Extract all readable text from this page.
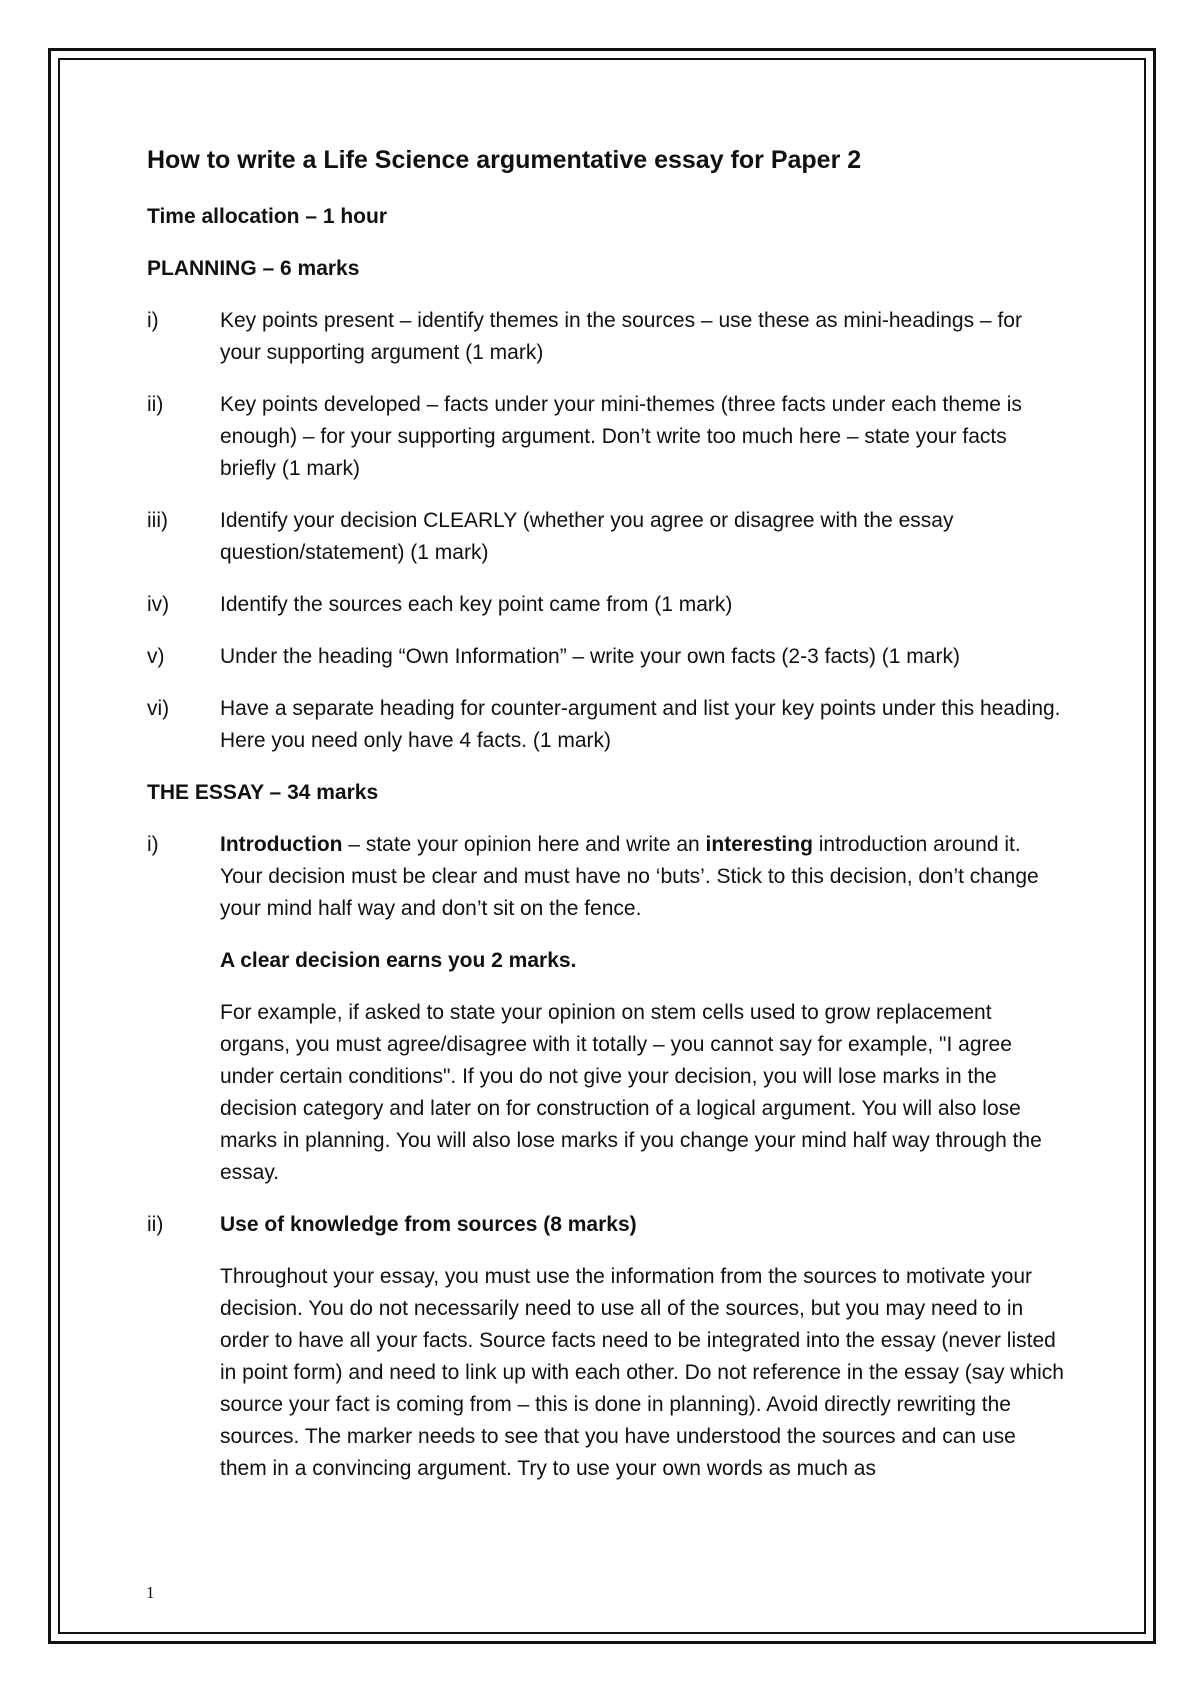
How to write a Life Science argumentative essay for Paper 2
Time allocation – 1 hour
PLANNING – 6 marks
i)	Key points present – identify themes in the sources – use these as mini-headings – for your supporting argument (1 mark)
ii)	Key points developed – facts under your mini-themes (three facts under each theme is enough) – for your supporting argument. Don’t write too much here – state your facts briefly (1 mark)
iii)	Identify your decision CLEARLY (whether you agree or disagree with the essay question/statement) (1 mark)
iv)	Identify the sources each key point came from (1 mark)
v)	Under the heading “Own Information” – write your own facts (2-3 facts) (1 mark)
vi)	Have a separate heading for counter-argument and list your key points under this heading. Here you need only have 4 facts. (1 mark)
THE ESSAY – 34 marks
i)	Introduction – state your opinion here and write an interesting introduction around it. Your decision must be clear and must have no ‘buts’. Stick to this decision, don’t change your mind half way and don’t sit on the fence.
A clear decision earns you 2 marks.
For example, if asked to state your opinion on stem cells used to grow replacement organs, you must agree/disagree with it totally – you cannot say for example, "I agree under certain conditions". If you do not give your decision, you will lose marks in the decision category and later on for construction of a logical argument. You will also lose marks in planning. You will also lose marks if you change your mind half way through the essay.
ii)	Use of knowledge from sources (8 marks)
Throughout your essay, you must use the information from the sources to motivate your decision. You do not necessarily need to use all of the sources, but you may need to in order to have all your facts. Source facts need to be integrated into the essay (never listed in point form) and need to link up with each other. Do not reference in the essay (say which source your fact is coming from – this is done in planning). Avoid directly rewriting the sources. The marker needs to see that you have understood the sources and can use them in a convincing argument. Try to use your own words as much as
1
